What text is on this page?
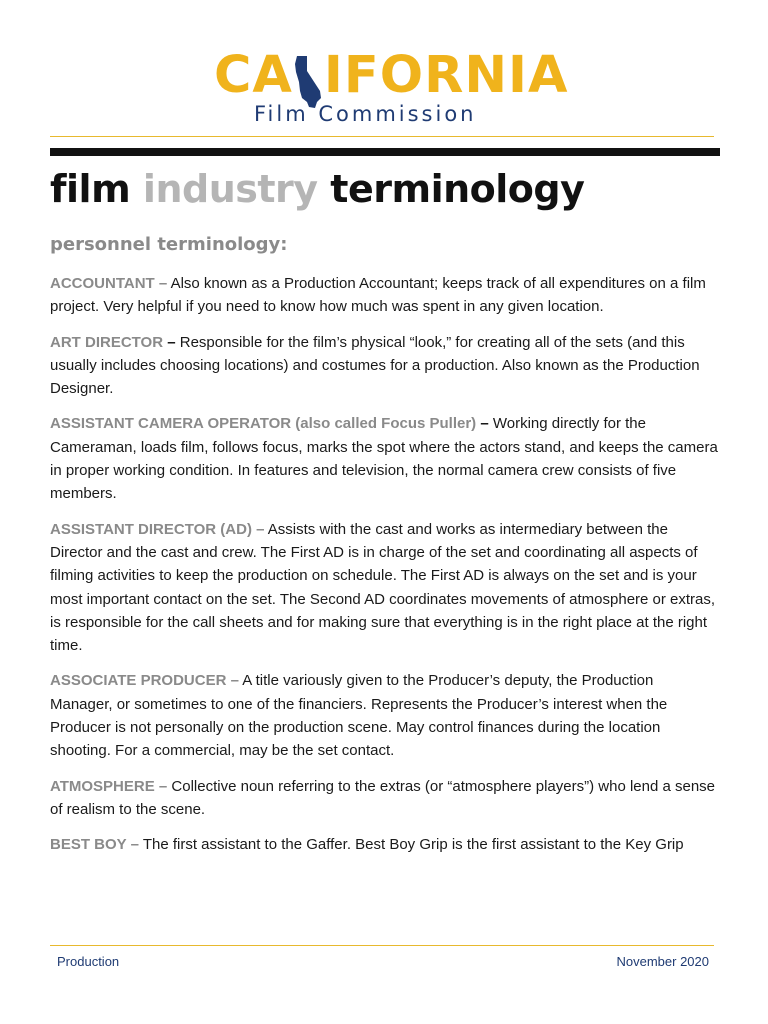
CA IFORNIA
Film Commission
film industry terminology
personnel terminology:

ACCOUNTANT – Also known as a Production Accountant; keeps track of all expenditures on a film project. Very helpful if you need to know how much was spent in any given location.

ART DIRECTOR – Responsible for the film’s physical “look,” for creating all of the sets (and this usually includes choosing locations) and costumes for a production. Also known as the Production Designer.

ASSISTANT CAMERA OPERATOR (also called Focus Puller) – Working directly for the Cameraman, loads film, follows focus, marks the spot where the actors stand, and keeps the camera in proper working condition. In features and television, the normal camera crew consists of five members.

ASSISTANT DIRECTOR (AD) – Assists with the cast and works as intermediary between the Director and the cast and crew. The First AD is in charge of the set and coordinating all aspects of filming activities to keep the production on schedule. The First AD is always on the set and is your most important contact on the set. The Second AD coordinates movements of atmosphere or extras, is responsible for the call sheets and for making sure that everything is in the right place at the right time.

ASSOCIATE PRODUCER – A title variously given to the Producer’s deputy, the Production Manager, or sometimes to one of the financiers. Represents the Producer’s interest when the Producer is not personally on the production scene. May control finances during the location shooting. For a commercial, may be the set contact.

ATMOSPHERE – Collective noun referring to the extras (or “atmosphere players”) who lend a sense of realism to the scene.

BEST BOY – The first assistant to the Gaffer. Best Boy Grip is the first assistant to the Key Grip

Production	November 2020
